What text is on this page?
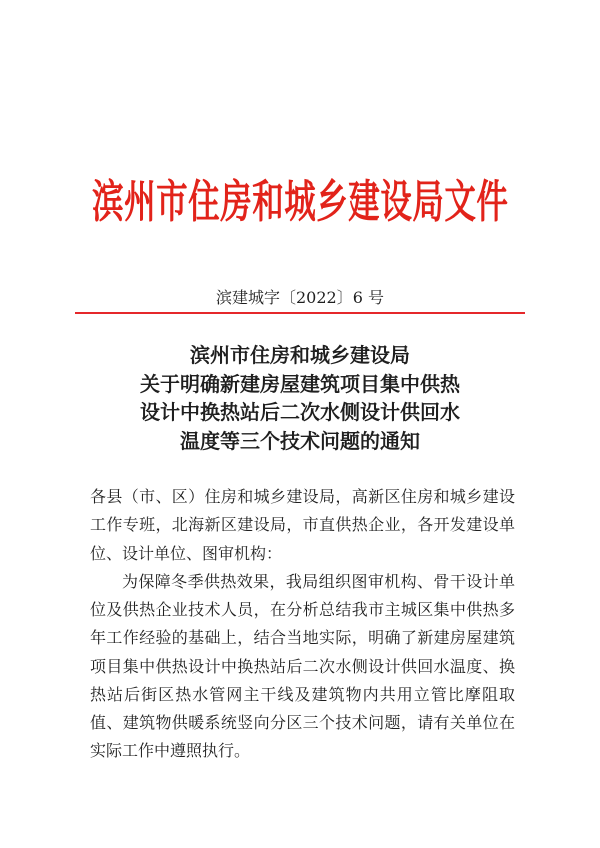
滨州市住房和城乡建设局文件
滨建城字〔2022〕6 号
滨州市住房和城乡建设局
关于明确新建房屋建筑项目集中供热
设计中换热站后二次水侧设计供回水
温度等三个技术问题的通知
各县（市、区）住房和城乡建设局，高新区住房和城乡建设
工作专班，北海新区建设局，市直供热企业，各开发建设单
位、设计单位、图审机构：
为保障冬季供热效果，我局组织图审机构、骨干设计单
位及供热企业技术人员，在分析总结我市主城区集中供热多
年工作经验的基础上，结合当地实际，明确了新建房屋建筑
项目集中供热设计中换热站后二次水侧设计供回水温度、换
热站后街区热水管网主干线及建筑物内共用立管比摩阻取
值、建筑物供暖系统竖向分区三个技术问题，请有关单位在
实际工作中遵照执行。
